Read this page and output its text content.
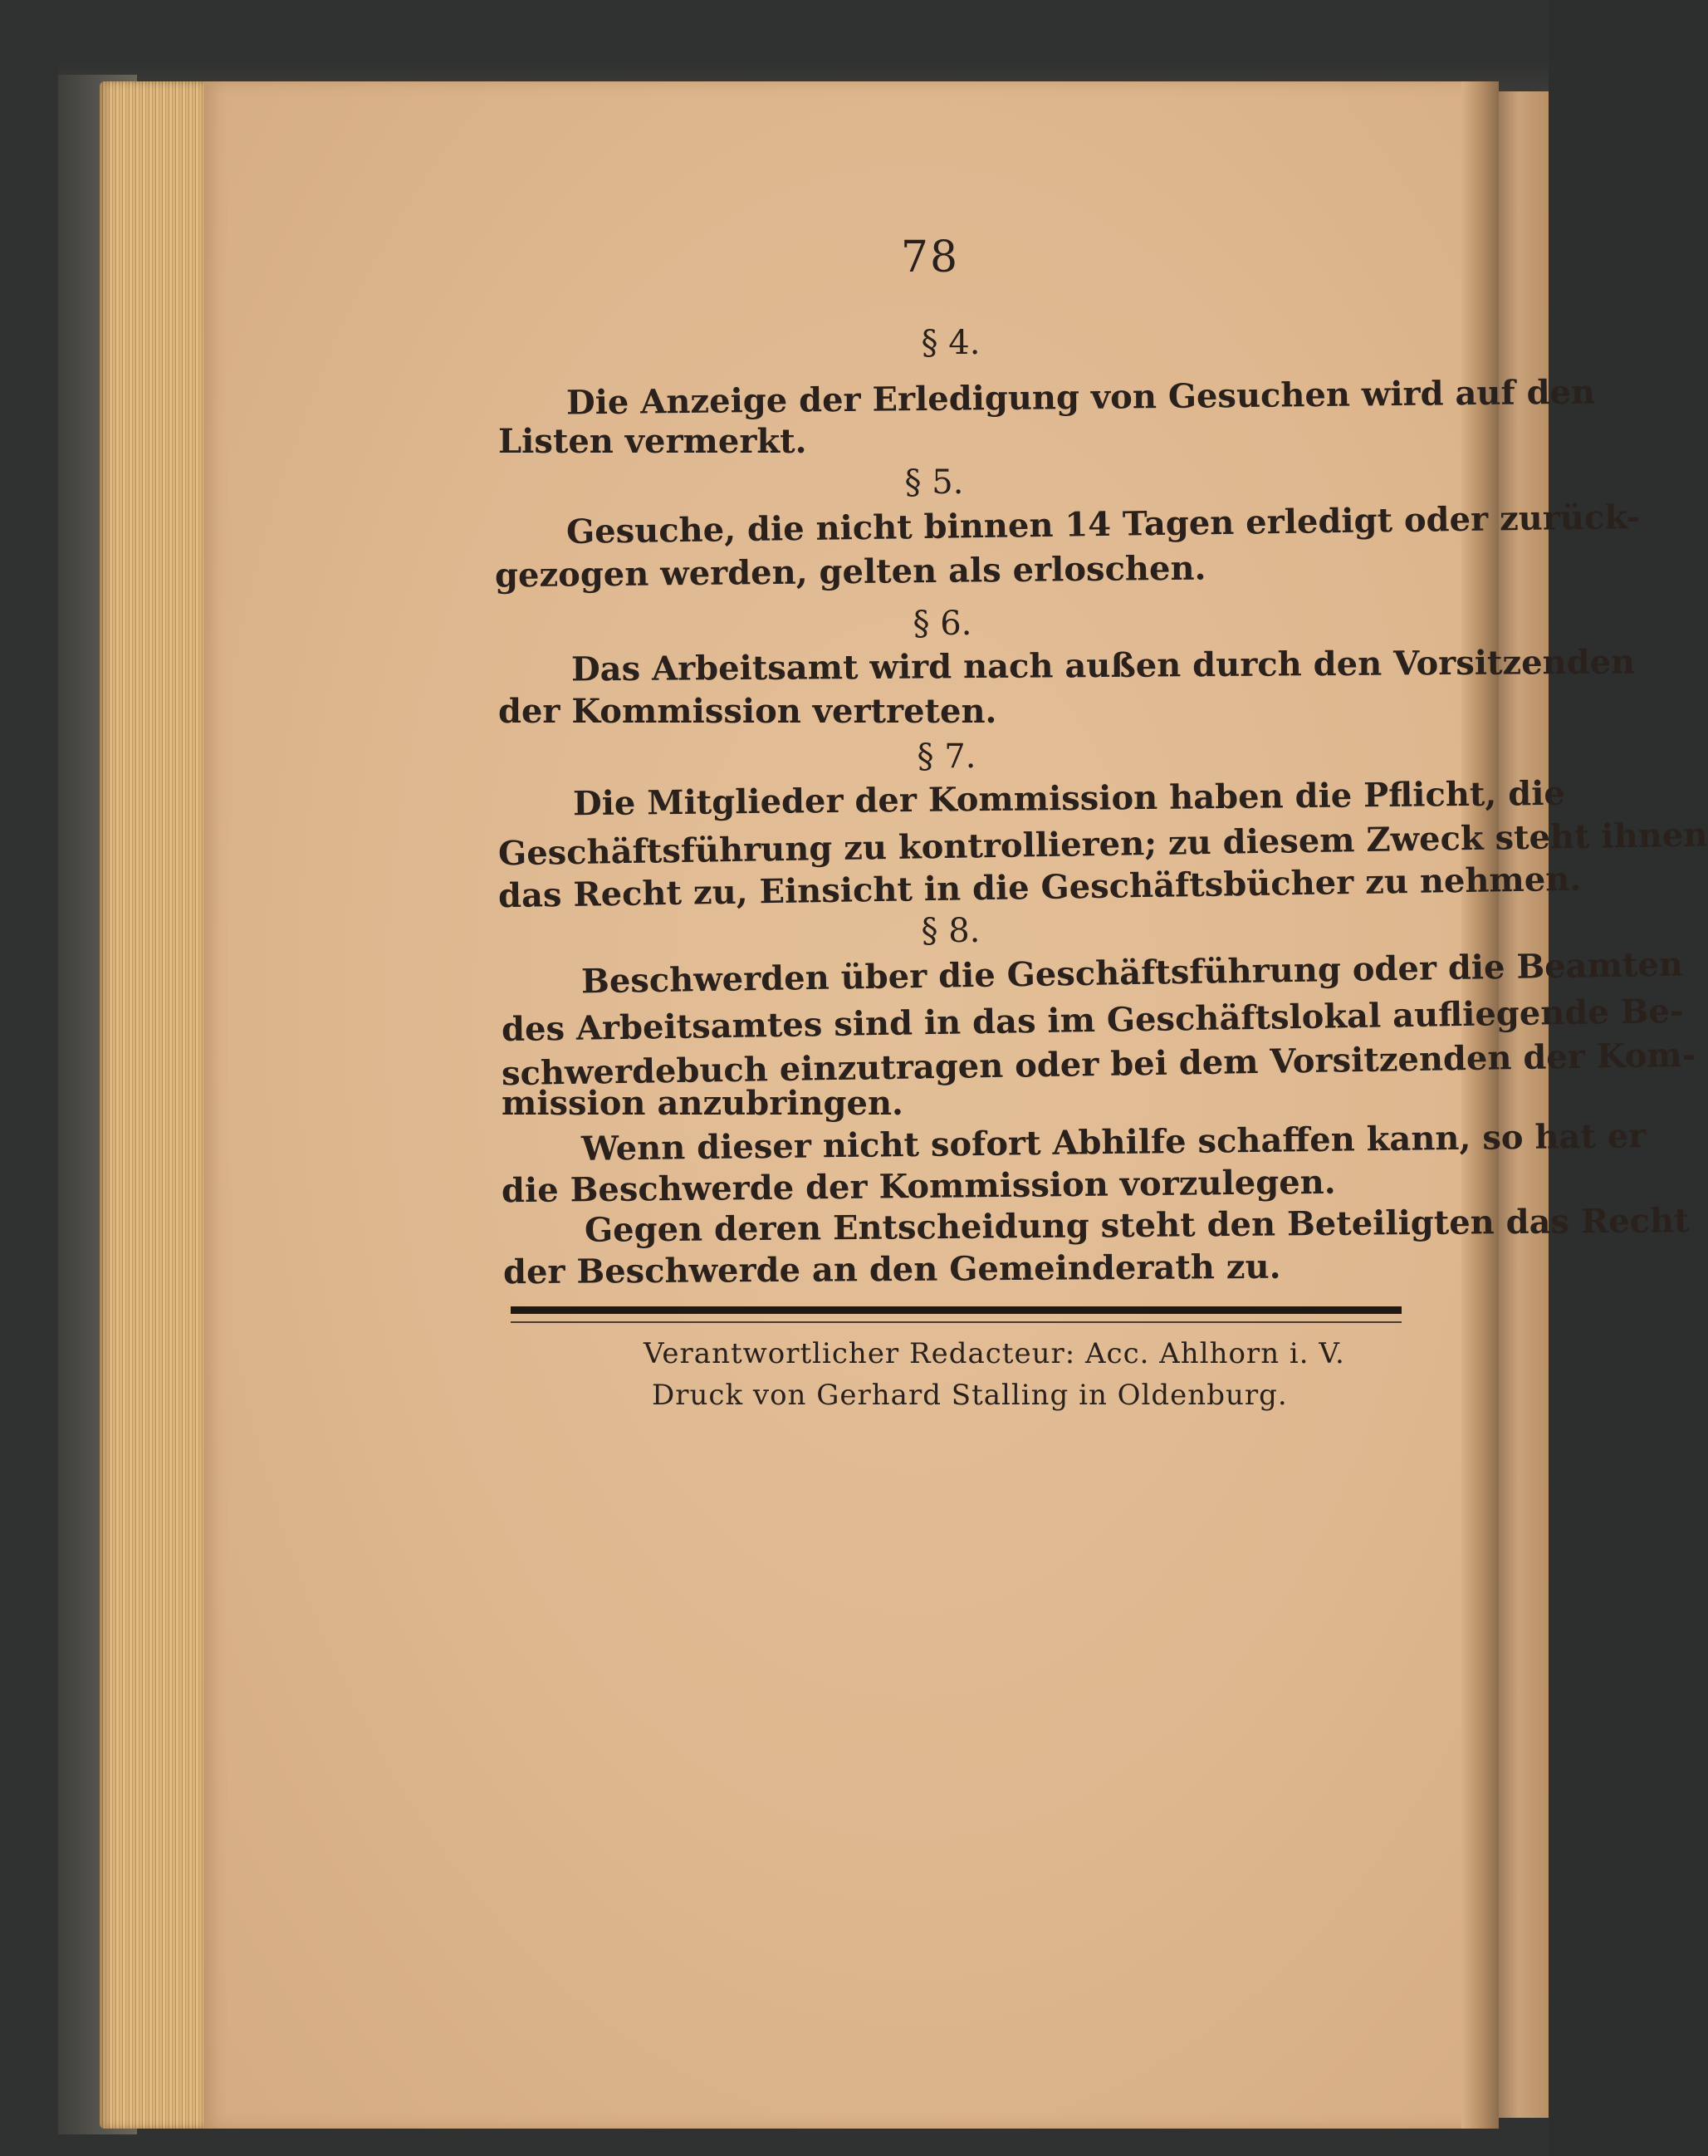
78
§ 4.
Die Anzeige der Erledigung von Gesuchen wird auf den
Listen vermerkt.
§ 5.
Gesuche, die nicht binnen 14 Tagen erledigt oder zurück-
gezogen werden, gelten als erloschen.
§ 6.
Das Arbeitsamt wird nach außen durch den Vorsitzenden
der Kommission vertreten.
§ 7.
Die Mitglieder der Kommission haben die Pflicht, die
Geschäftsführung zu kontrollieren; zu diesem Zweck steht ihnen
das Recht zu, Einsicht in die Geschäftsbücher zu nehmen.
§ 8.
Beschwerden über die Geschäftsführung oder die Beamten
des Arbeitsamtes sind in das im Geschäftslokal aufliegende Be-
schwerdebuch einzutragen oder bei dem Vorsitzenden der Kom-
mission anzubringen.
Wenn dieser nicht sofort Abhilfe schaffen kann, so hat er
die Beschwerde der Kommission vorzulegen.
Gegen deren Entscheidung steht den Beteiligten das Recht
der Beschwerde an den Gemeinderath zu.
Verantwortlicher Redacteur: Acc. Ahlhorn i. V.
Druck von Gerhard Stalling in Oldenburg.
